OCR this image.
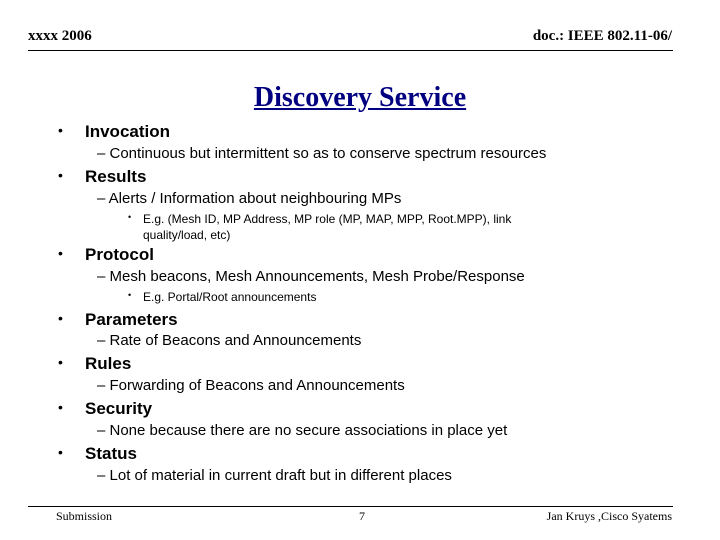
xxxx 2006	doc.: IEEE 802.11-06/
Discovery Service
• Invocation
– Continuous but intermittent so as to conserve spectrum resources
• Results
– Alerts / Information about neighbouring MPs
• E.g. (Mesh ID, MP Address, MP role (MP, MAP, MPP, Root.MPP), link
quality/load, etc)
• Protocol
– Mesh beacons, Mesh Announcements, Mesh Probe/Response
• E.g. Portal/Root announcements
• Parameters
– Rate of Beacons and Announcements
• Rules
– Forwarding of Beacons and Announcements
• Security
– None because there are no secure associations in place yet
• Status
– Lot of material in current draft but in different places
Submission	7	Jan Kruys ,Cisco Syatems
